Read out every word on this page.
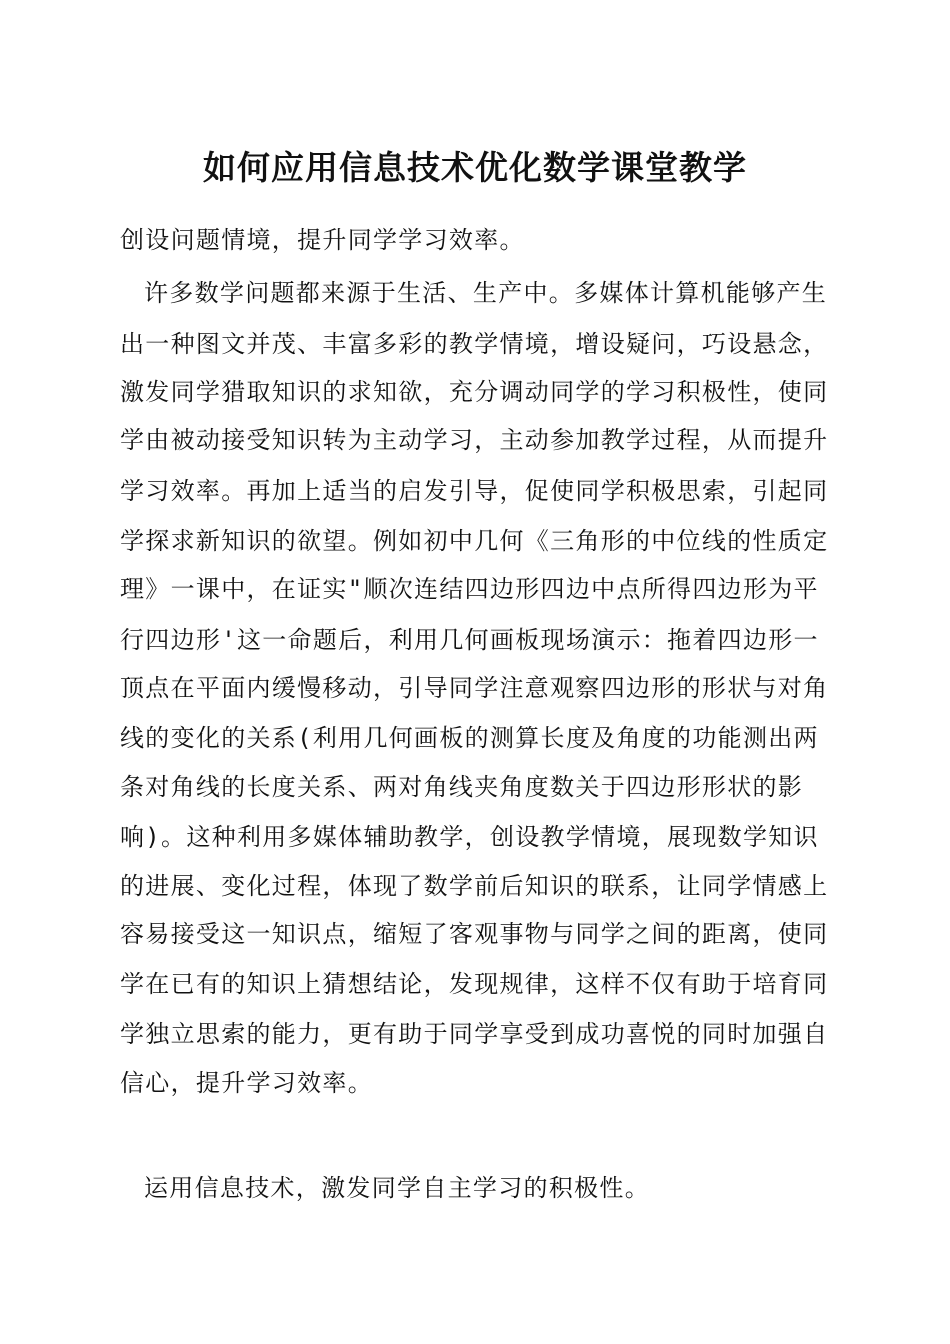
如何应用信息技术优化数学课堂教学

创设问题情境，提升同学学习效率。

许多数学问题都来源于生活、生产中。多媒体计算机能够产生

出一种图文并茂、丰富多彩的教学情境，增设疑问，巧设悬念，

激发同学猎取知识的求知欲，充分调动同学的学习积极性，使同

学由被动接受知识转为主动学习，主动参加教学过程，从而提升

学习效率。再加上适当的启发引导，促使同学积极思索，引起同

学探求新知识的欲望。例如初中几何《三角形的中位线的性质定

理》一课中，在证实"顺次连结四边形四边中点所得四边形为平

行四边形'这一命题后，利用几何画板现场演示：拖着四边形一

顶点在平面内缓慢移动，引导同学注意观察四边形的形状与对角

线的变化的关系(利用几何画板的测算长度及角度的功能测出两

条对角线的长度关系、两对角线夹角度数关于四边形形状的影

响)。这种利用多媒体辅助教学，创设教学情境，展现数学知识

的进展、变化过程，体现了数学前后知识的联系，让同学情感上

容易接受这一知识点，缩短了客观事物与同学之间的距离，使同

学在已有的知识上猜想结论，发现规律，这样不仅有助于培育同

学独立思索的能力，更有助于同学享受到成功喜悦的同时加强自

信心，提升学习效率。

运用信息技术，激发同学自主学习的积极性。
